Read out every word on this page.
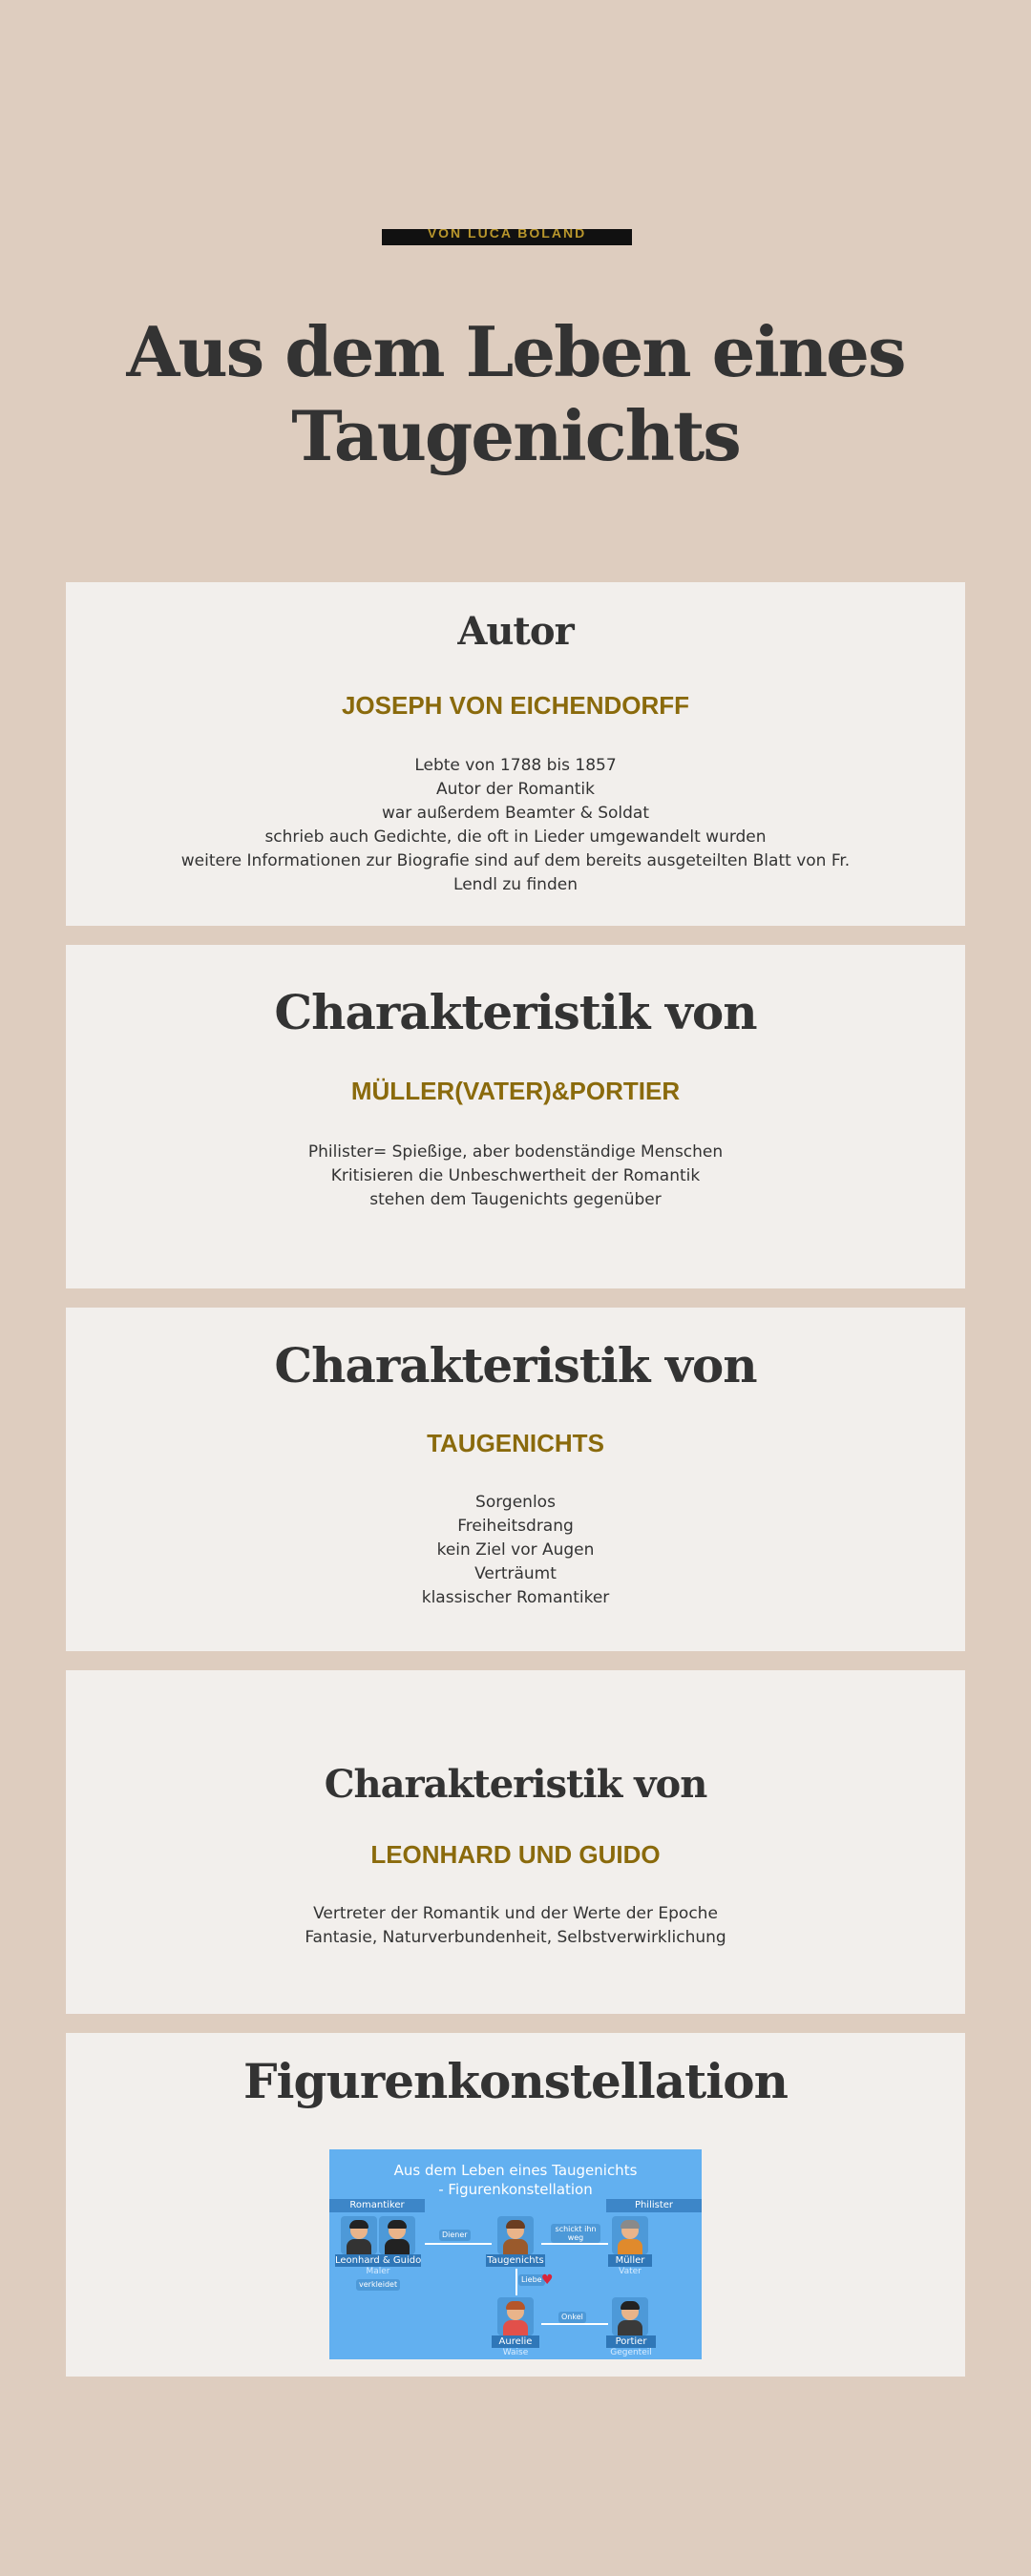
VON LUCA BOLAND
Aus dem Leben eines
Taugenichts
Autor
JOSEPH VON EICHENDORFF
Lebte von 1788 bis 1857
Autor der Romantik
war außerdem Beamter & Soldat
schrieb auch Gedichte, die oft in Lieder umgewandelt wurden
weitere Informationen zur Biografie sind auf dem bereits ausgeteilten Blatt von Fr. Lendl zu finden
Charakteristik von
MÜLLER(VATER)&PORTIER
Philister= Spießige, aber bodenständige Menschen
Kritisieren die Unbeschwertheit der Romantik
stehen dem Taugenichts gegenüber
Charakteristik von
TAUGENICHTS
Sorgenlos
Freiheitsdrang
kein Ziel vor Augen
Verträumt
klassischer Romantiker
Charakteristik von
LEONHARD UND GUIDO
Vertreter der Romantik und der Werte der Epoche
Fantasie, Naturverbundenheit, Selbstverwirklichung
Figurenkonstellation
Aus dem Leben eines Taugenichts
- Figurenkonstellation
Romantiker	Philister
Leonhard & Guido
Maler
verkleidet
Taugenichts	Müller
Vater
Aurelie
Waise
Portier
Gegenteil
Diener
schickt ihn weg
Liebe ♥
Onkel
